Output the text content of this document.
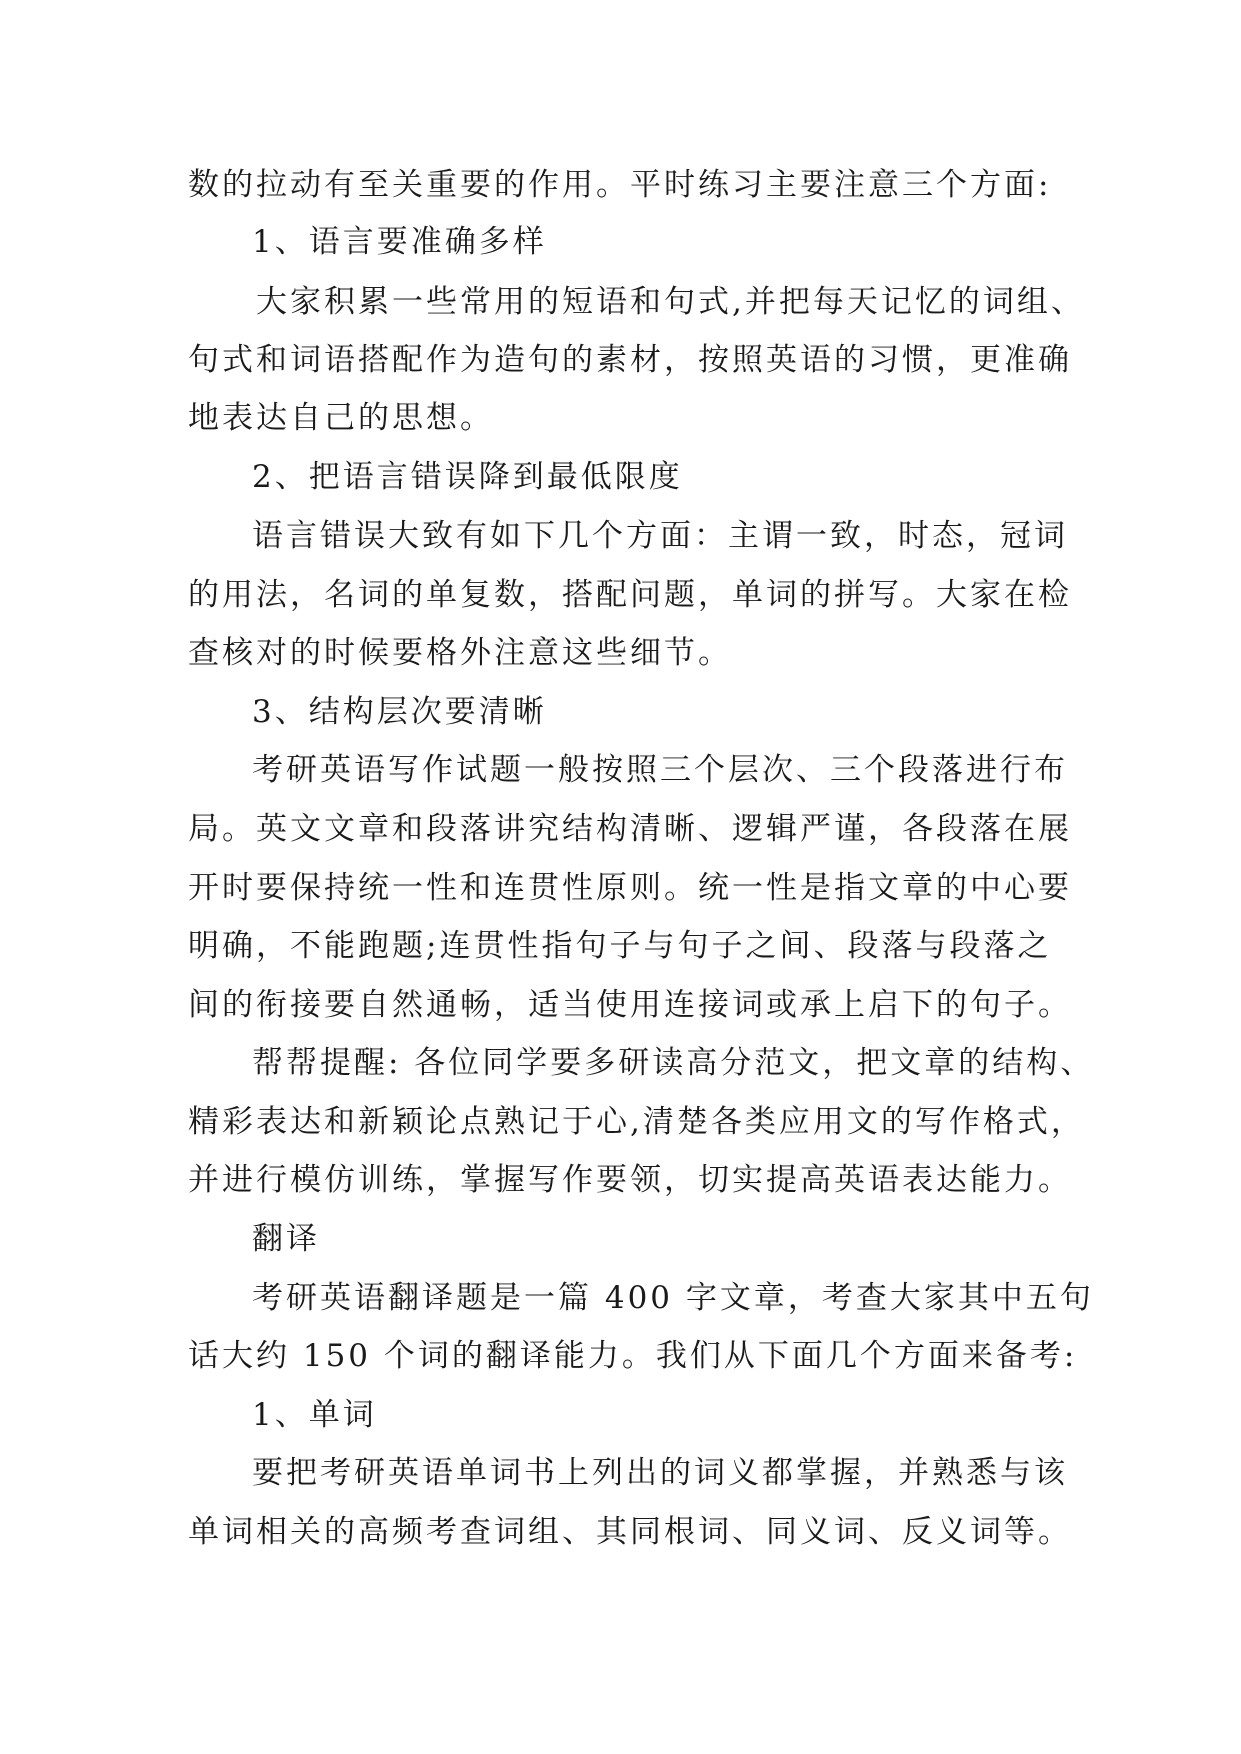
数的拉动有至关重要的作用。平时练习主要注意三个方面:
1、语言要准确多样
大家积累一些常用的短语和句式,并把每天记忆的词组、
句式和词语搭配作为造句的素材，按照英语的习惯，更准确
地表达自己的思想。
2、把语言错误降到最低限度
语言错误大致有如下几个方面：主谓一致，时态，冠词
的用法，名词的单复数，搭配问题，单词的拼写。大家在检
查核对的时候要格外注意这些细节。
3、结构层次要清晰
考研英语写作试题一般按照三个层次、三个段落进行布
局。英文文章和段落讲究结构清晰、逻辑严谨，各段落在展
开时要保持统一性和连贯性原则。统一性是指文章的中心要
明确，不能跑题;连贯性指句子与句子之间、段落与段落之
间的衔接要自然通畅，适当使用连接词或承上启下的句子。
帮帮提醒: 各位同学要多研读高分范文，把文章的结构、
精彩表达和新颖论点熟记于心,清楚各类应用文的写作格式，
并进行模仿训练，掌握写作要领，切实提高英语表达能力。
翻译
考研英语翻译题是一篇 400 字文章，考查大家其中五句
话大约 150 个词的翻译能力。我们从下面几个方面来备考:
1、单词
要把考研英语单词书上列出的词义都掌握，并熟悉与该
单词相关的高频考查词组、其同根词、同义词、反义词等。
